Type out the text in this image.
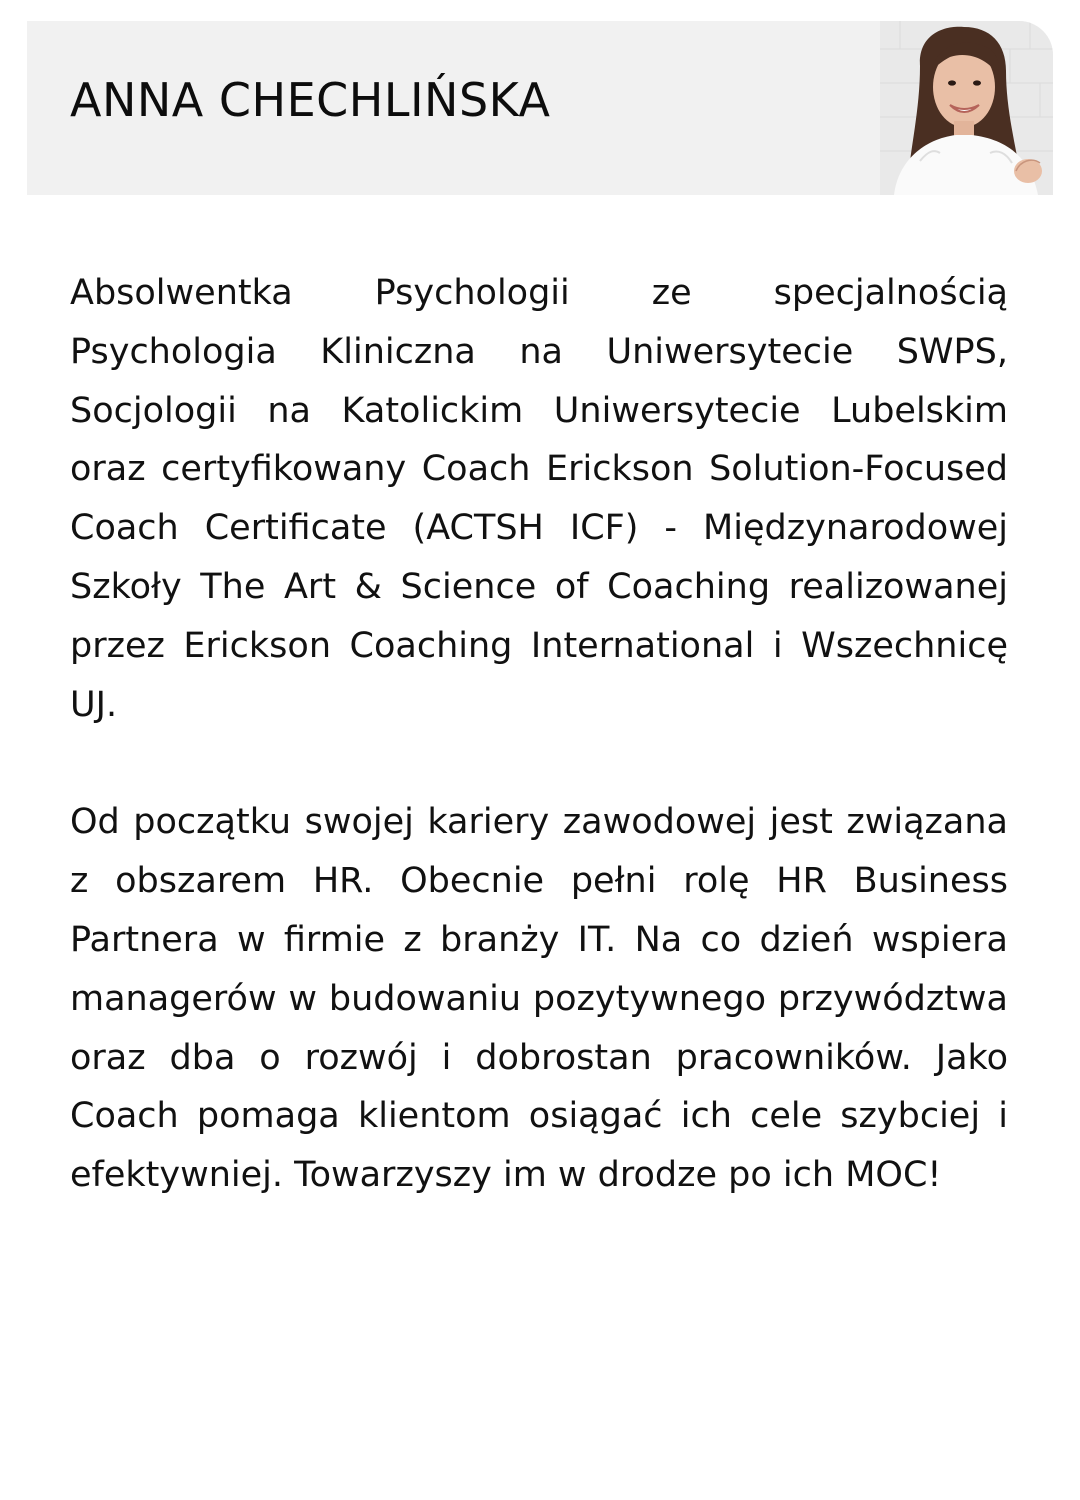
ANNA CHECHLIŃSKA

Absolwentka Psychologii ze specjalnością Psychologia Kliniczna na Uniwersytecie SWPS, Socjologii na Katolickim Uniwersytecie Lubelskim oraz certyfikowany Coach Erickson Solution-Focused Coach Certificate (ACTSH ICF) - Międzynarodowej Szkoły The Art & Science of Coaching realizowanej przez Erickson Coaching International i Wszechnicę UJ.

Od początku swojej kariery zawodowej jest związana z obszarem HR. Obecnie pełni rolę HR Business Partnera w firmie z branży IT. Na co dzień wspiera managerów w budowaniu pozytywnego przywództwa oraz dba o rozwój i dobrostan pracowników. Jako Coach pomaga klientom osiągać ich cele szybciej i efektywniej. Towarzyszy im w drodze po ich MOC!
